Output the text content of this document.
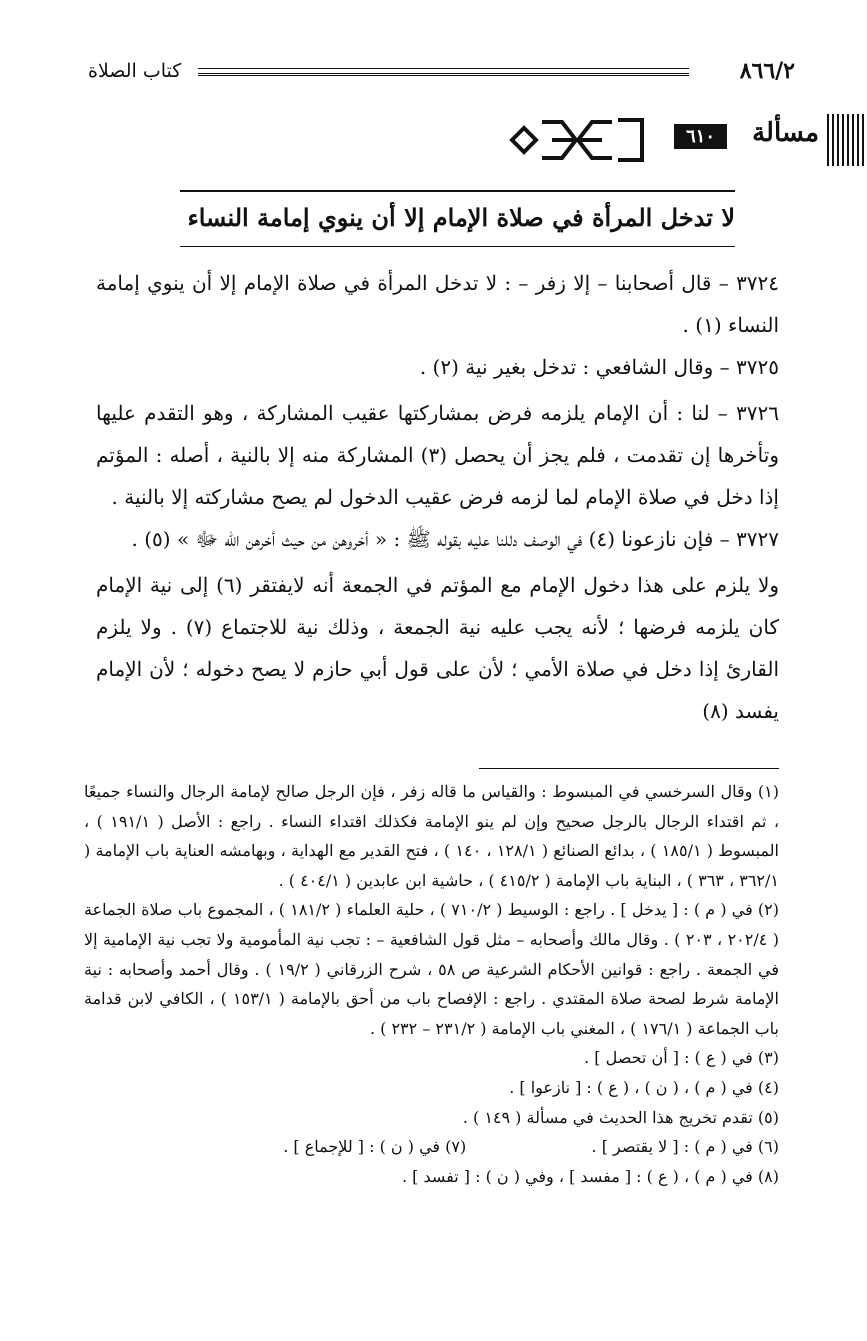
٨٦٦/٢
كتاب الصلاة
مسألة
٦١٠
لا تدخل المرأة في صلاة الإمام إلا أن ينوي إمامة النساء

٣٧٢٤ – قال أصحابنا – إلا زفر – : لا تدخل المرأة في صلاة الإمام إلا أن ينوي إمامة النساء (١) .

٣٧٢٥ – وقال الشافعي : تدخل بغير نية (٢) .

٣٧٢٦ – لنا : أن الإمام يلزمه فرض بمشاركتها عقيب المشاركة ، وهو التقدم عليها وتأخرها إن تقدمت ، فلم يجز أن يحصل (٣) المشاركة منه إلا بالنية ، أصله : المؤتم إذا دخل في صلاة الإمام لما لزمه فرض عقيب الدخول لم يصح مشاركته إلا بالنية .

٣٧٢٧ – فإن نازعونا (٤) في الوصف دللنا عليه بقوله ﷺ : « أخروهن من حيث أخرهن الله ﷻ » (٥) .

ولا يلزم على هذا دخول الإمام مع المؤتم في الجمعة أنه لايفتقر (٦) إلى نية الإمام كان يلزمه فرضها ؛ لأنه يجب عليه نية الجمعة ، وذلك نية للاجتماع (٧) . ولا يلزم القارئ إذا دخل في صلاة الأمي ؛ لأن على قول أبي حازم لا يصح دخوله ؛ لأن الإمام يفسد (٨)

(١) وقال السرخسي في المبسوط : والقياس ما قاله زفر ، فإن الرجل صالح لإمامة الرجال والنساء جميعًا ، ثم اقتداء الرجال بالرجل صحيح وإن لم ينو الإمامة فكذلك اقتداء النساء . راجع : الأصل ( ١٩١/١ ) ، المبسوط ( ١٨٥/١ ) ، بدائع الصنائع ( ١٢٨/١ ، ١٤٠ ) ، فتح القدير مع الهداية ، وبهامشه العناية باب الإمامة ( ٣٦٢/١ ، ٣٦٣ ) ، البناية باب الإمامة ( ٤١٥/٢ ) ، حاشية ابن عابدين ( ٤٠٤/١ ) .

(٢) في ( م ) : [ يدخل ] . راجع : الوسيط ( ٧١٠/٢ ) ، حلية العلماء ( ١٨١/٢ ) ، المجموع باب صلاة الجماعة ( ٢٠٢/٤ ، ٢٠٣ ) . وقال مالك وأصحابه – مثل قول الشافعية – : تجب نية المأمومية ولا تجب نية الإمامية إلا في الجمعة . راجع : قوانين الأحكام الشرعية ص ٥٨ ، شرح الزرقاني ( ١٩/٢ ) . وقال أحمد وأصحابه : نية الإمامة شرط لصحة صلاة المقتدي . راجع : الإفصاح باب من أحق بالإمامة ( ١٥٣/١ ) ، الكافي لابن قدامة باب الجماعة ( ١٧٦/١ ) ، المغني باب الإمامة ( ٢٣١/٢ – ٢٣٢ ) .

(٣) في ( ع ) : [ أن تحصل ] .

(٤) في ( م ) ، ( ن ) ، ( ع ) : [ نازعوا ] .

(٥) تقدم تخريج هذا الحديث في مسألة ( ١٤٩ ) .

(٦) في ( م ) : [ لا يقتصر ] .
(٧) في ( ن ) : [ للإجماع ] .

(٨) في ( م ) ، ( ع ) : [ مفسد ] ، وفي ( ن ) : [ تفسد ] .
